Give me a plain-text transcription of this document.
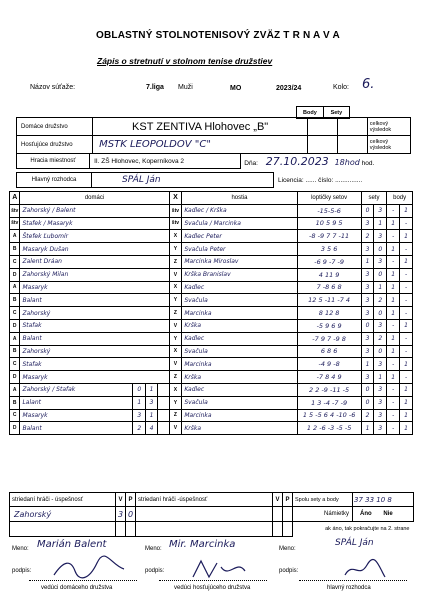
OBLASTNÝ STOLNOTENISOVÝ ZVÄZ T R N A V A
Zápis o stretnutí v stolnom tenise družstiev
Názov súťaže:	7.liga Muži	MO	2023/24	Kolo: 6.
Body	Sety
Domáce družstvo	KST ZENTIVA Hlohovec „B"			celkový výsledok
Hosťujúce družstvo	MSTK LEOPOLDOV "C"			celkový výsledok
Hracia miestnosť	II. ZŠ Hlohovec, Koperníkova 2	Dňa: 27.10.2023 18hod hod.
Hlavný rozhodca	SPÁL Ján	Licencia: ...... číslo: ...............
A	domáci				X	hostia	loptičky setov	sety		body	
štv	Zahorský / Balent				štv	Kadlec / Krška	-15-5-6	0	3	-	1
štv	Stafek / Masaryk				štv	Svačula / Marcinka	10 5 9 5	3	1	1	-
A	Štefek Ľubomír				X	Kadlec Peter	-8 -9 7 7 -11	2	3	-	1
B	Masaryk Dušan				Y	Svačula Peter	3 5 6	3	0	1	-
C	Zalent Dráan				Z	Marcinka Miroslav	-6 9 -7 -9	1	3	-	1
D	Zahorský Milan				V	Krška Branislav	4 11 9	3	0	1	-
A	Masaryk				X	Kadlec	7 -8 6 8	3	1	1	-
B	Balant				Y	Svačula	12 5 -11 -7 4	3	2	1	-
C	Zahorský				Z	Marcinka	8 12 8	3	0	1	-
D	Stafak				V	Krška	-5 9 6 9	0	3	-	1
A	Balant				Y	Kadlec	-7 9 7 -9 8	3	2	1	-
B	Zahorský				X	Svačula	6 8 6	3	0	1	-
C	Stafak				V	Marcinka	-4 9 -8	1	3	-	1
D	Masaryk				Z	Krška	-7 8 4 9	3	1	1	-
A	Zahorský / Stafak	0	1		X	Kadlec	2 2 -9 -11 -5	0	3	-	1
B	Lalant	1	3		Y	Svačula	1 3 -4 -7 -9	0	3	-	1
C	Masaryk	3	1		Z	Marcinka	1 5 -5 6 4 -10 -6	2	3	-	1
D	Balant	2	4		V	Krška	1 2 -6 -3 -5 -5	1	3	-	1
striedaní hráči - úspešnosť	V	P	striedaní hráči -úspešnosť	V	P	Spolu sety a body	37 33 10 8
Zahorský	3	0				Námietky	Áno Nie
						ak áno, tak pokračujte na 2. strane	
Meno: Marián Balent	Meno: Mir. Marcinka	Meno:
SPÁL Ján
podpis:	podpis:	podpis:
vedúci domáceho družstva	vedúci hosťujúceho družstva	hlavný rozhodca
